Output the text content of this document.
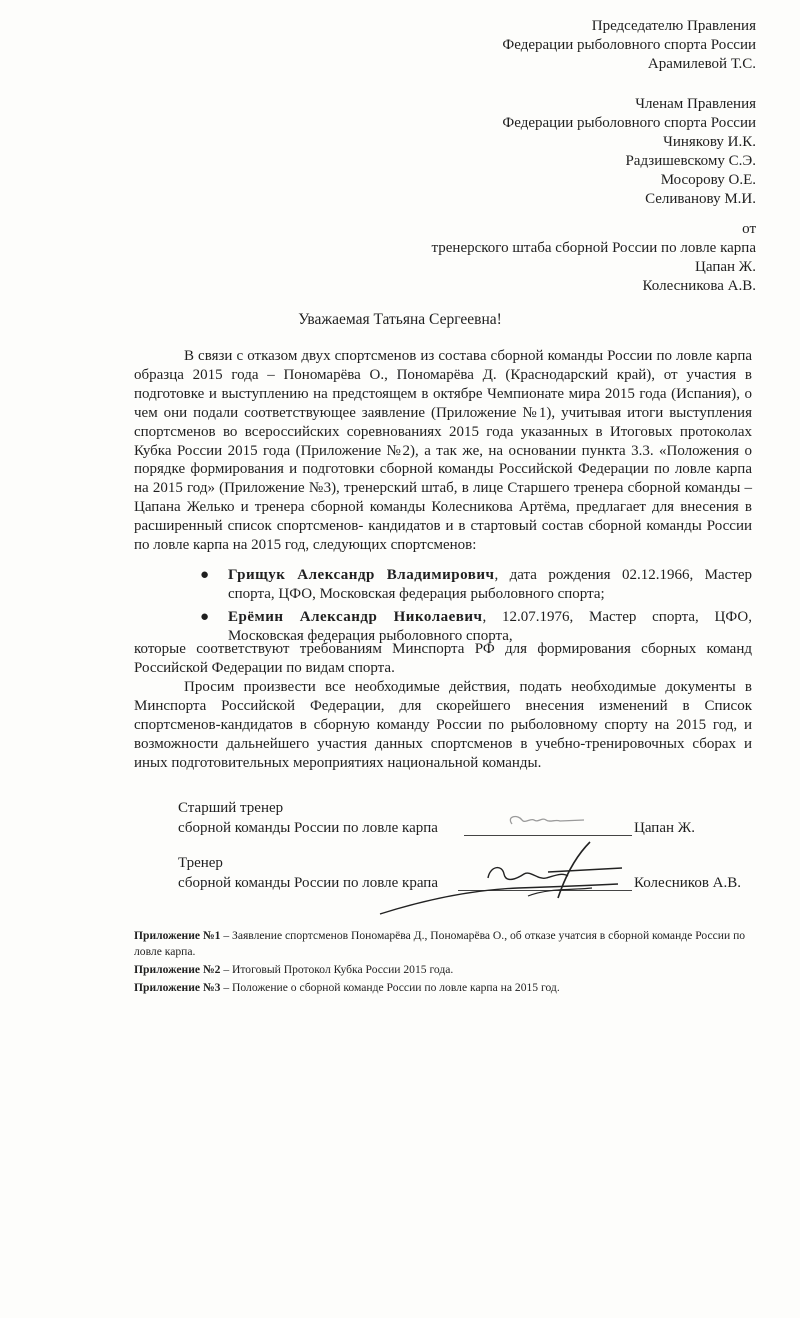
Председателю Правления
Федерации рыболовного спорта России
Арамилевой Т.С.
Членам Правления
Федерации рыболовного спорта России
Чинякову И.К.
Радзишевскому С.Э.
Мосорову О.Е.
Селиванову М.И.
от
тренерского штаба сборной России по ловле карпа
Цапан Ж.
Колесникова А.В.
Уважаемая Татьяна Сергеевна!

В связи с отказом двух спортсменов из состава сборной команды России по ловле карпа образца 2015 года – Пономарёва О., Пономарёва Д. (Краснодарский край), от участия в подготовке и выступлению на предстоящем в октябре Чемпионате мира 2015 года (Испания), о чем они подали соответствующее заявление (Приложение №1), учитывая итоги выступления спортсменов во всероссийских соревнованиях 2015 года указанных в Итоговых протоколах Кубка России 2015 года (Приложение №2), а так же, на основании пункта 3.3. «Положения о порядке формирования и подготовки сборной команды Российской Федерации по ловле карпа на 2015 год» (Приложение №3), тренерский штаб, в лице Старшего тренера сборной команды – Цапана Желько и тренера сборной команды Колесникова Артёма, предлагает для внесения в расширенный список спортсменов- кандидатов и в стартовый состав сборной команды России по ловле карпа на 2015 год, следующих спортсменов:

● Грищук Александр Владимирович, дата рождения 02.12.1966, Мастер спорта, ЦФО, Московская федерация рыболовного спорта;
● Ерёмин Александр Николаевич, 12.07.1976, Мастер спорта, ЦФО, Московская федерация рыболовного спорта,
которые соответствуют требованиям Минспорта РФ для формирования сборных команд Российской Федерации по видам спорта.

Просим произвести все необходимые действия, подать необходимые документы в Минспорта Российской Федерации, для скорейшего внесения изменений в Список спортсменов-кандидатов в сборную команду России по рыболовному спорту на 2015 год, и возможности дальнейшего участия данных спортсменов в учебно-тренировочных сборах и иных подготовительных мероприятиях национальной команды.

Старший тренер
сборной команды России по ловле карпа	Цапан Ж.
Тренер
сборной команды России по ловле крапа	Колесников А.В.
Приложение №1 – Заявление спортсменов Пономарёва Д., Пономарёва О., об отказе учатсия в сборной команде России по ловле карпа.
Приложение №2 – Итоговый Протокол Кубка России 2015 года.
Приложение №3 – Положение о сборной команде России по ловле карпа на 2015 год.
